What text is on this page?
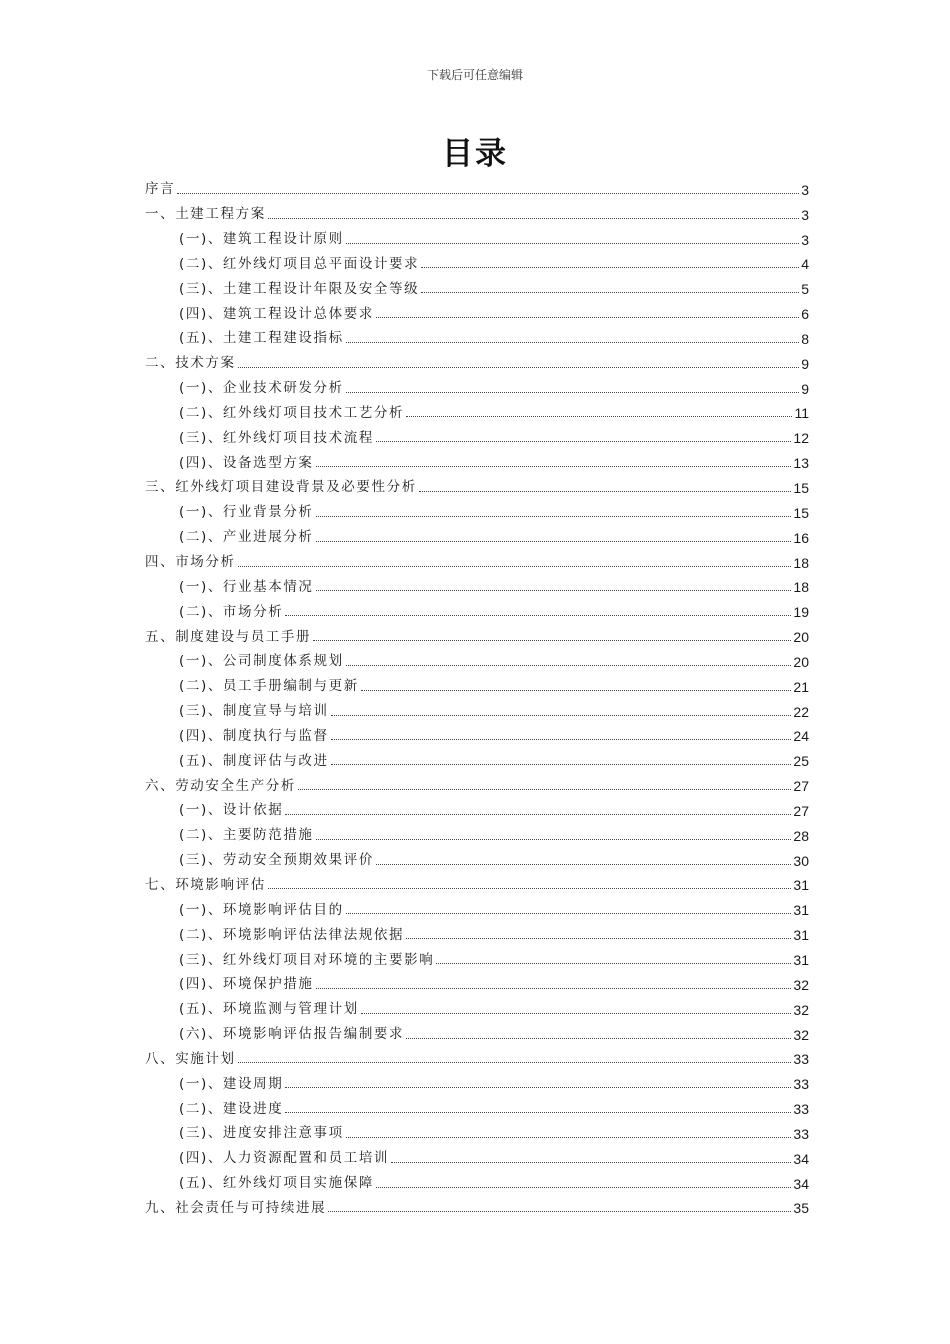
下载后可任意编辑
目录
序言	3
一、土建工程方案	3
(一)、建筑工程设计原则	3
(二)、红外线灯项目总平面设计要求	4
(三)、土建工程设计年限及安全等级	5
(四)、建筑工程设计总体要求	6
(五)、土建工程建设指标	8
二、技术方案	9
(一)、企业技术研发分析	9
(二)、红外线灯项目技术工艺分析	11
(三)、红外线灯项目技术流程	12
(四)、设备选型方案	13
三、红外线灯项目建设背景及必要性分析	15
(一)、行业背景分析	15
(二)、产业进展分析	16
四、市场分析	18
(一)、行业基本情况	18
(二)、市场分析	19
五、制度建设与员工手册	20
(一)、公司制度体系规划	20
(二)、员工手册编制与更新	21
(三)、制度宣导与培训	22
(四)、制度执行与监督	24
(五)、制度评估与改进	25
六、劳动安全生产分析	27
(一)、设计依据	27
(二)、主要防范措施	28
(三)、劳动安全预期效果评价	30
七、环境影响评估	31
(一)、环境影响评估目的	31
(二)、环境影响评估法律法规依据	31
(三)、红外线灯项目对环境的主要影响	31
(四)、环境保护措施	32
(五)、环境监测与管理计划	32
(六)、环境影响评估报告编制要求	32
八、实施计划	33
(一)、建设周期	33
(二)、建设进度	33
(三)、进度安排注意事项	33
(四)、人力资源配置和员工培训	34
(五)、红外线灯项目实施保障	34
九、社会责任与可持续进展	35
